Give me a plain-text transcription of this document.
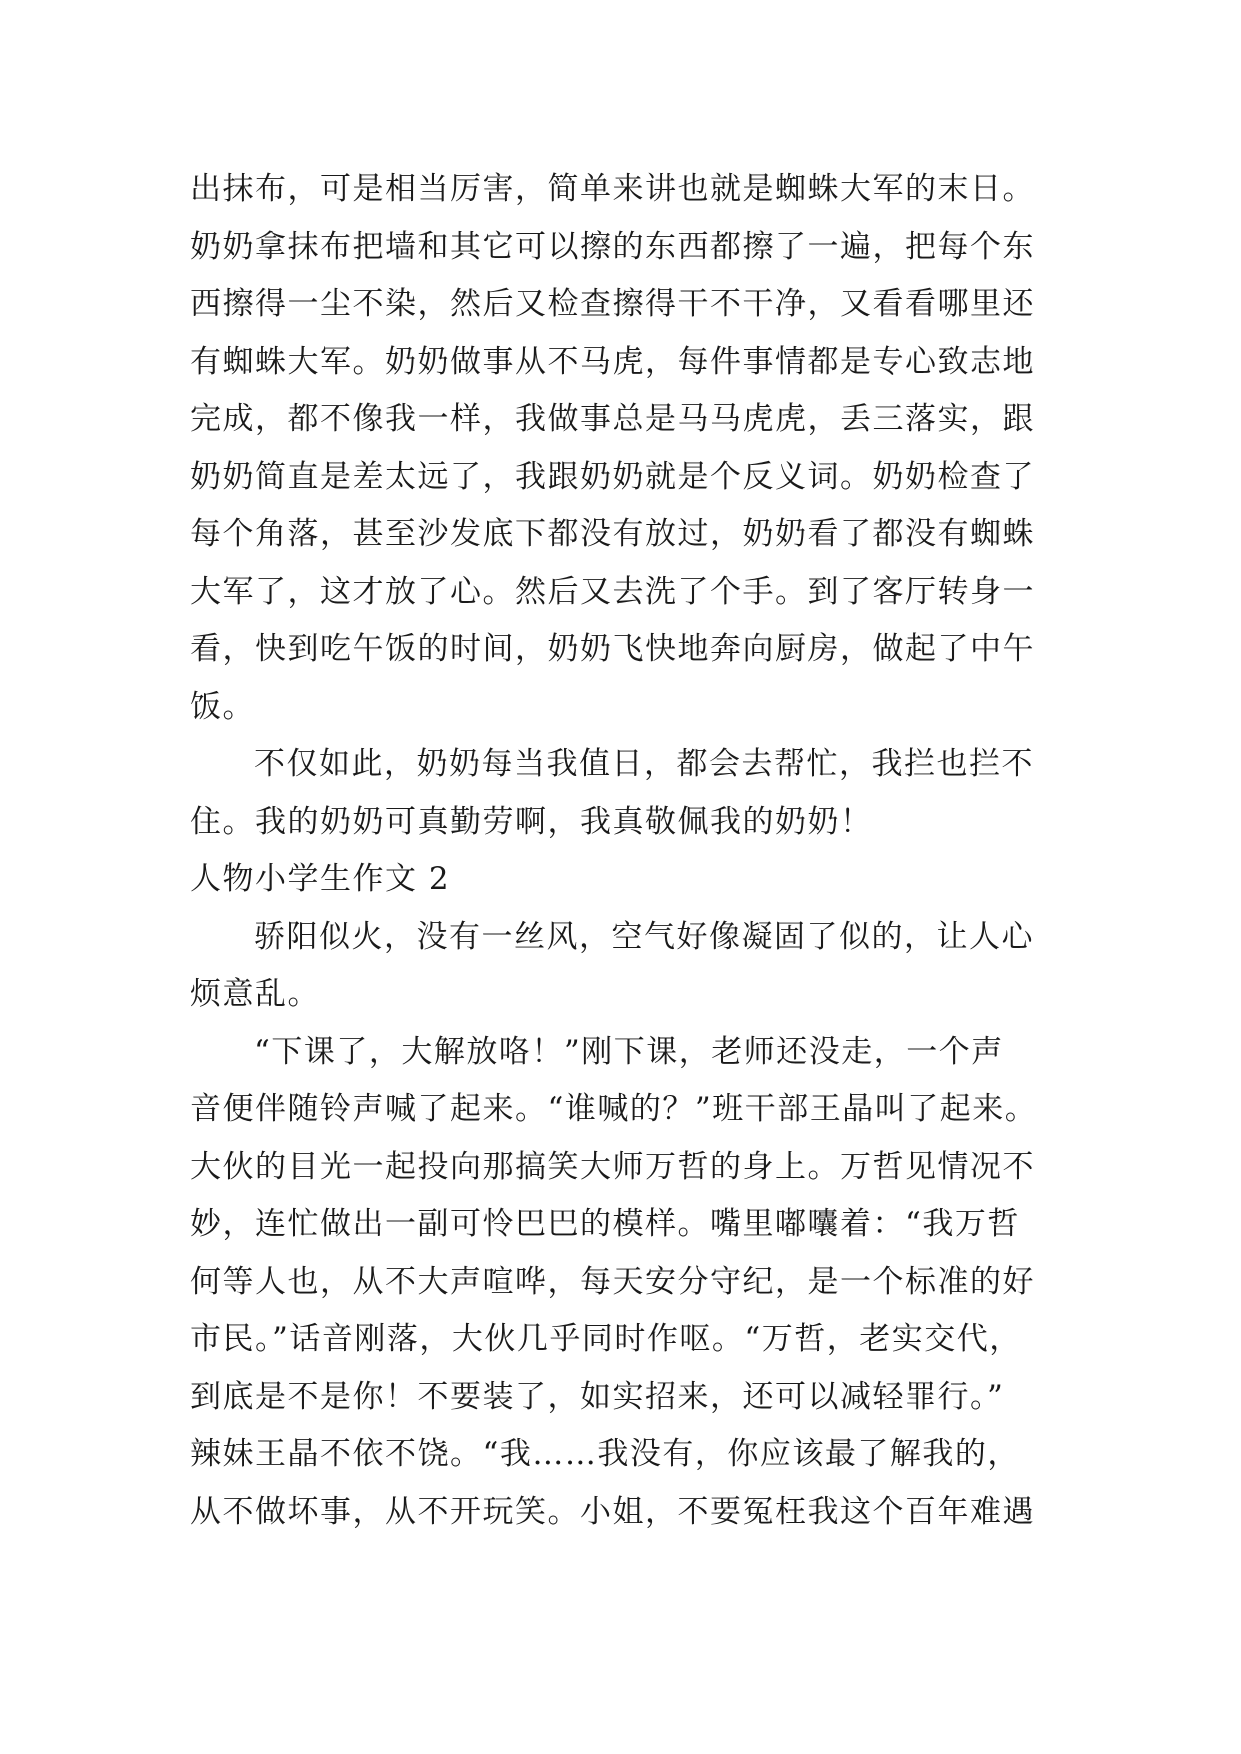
出抹布，可是相当厉害，简单来讲也就是蜘蛛大军的末日。
奶奶拿抹布把墙和其它可以擦的东西都擦了一遍，把每个东
西擦得一尘不染，然后又检查擦得干不干净，又看看哪里还
有蜘蛛大军。奶奶做事从不马虎，每件事情都是专心致志地
完成，都不像我一样，我做事总是马马虎虎，丢三落实，跟
奶奶简直是差太远了，我跟奶奶就是个反义词。奶奶检查了
每个角落，甚至沙发底下都没有放过，奶奶看了都没有蜘蛛
大军了，这才放了心。然后又去洗了个手。到了客厅转身一
看，快到吃午饭的时间，奶奶飞快地奔向厨房，做起了中午
饭。
不仅如此，奶奶每当我值日，都会去帮忙，我拦也拦不
住。我的奶奶可真勤劳啊，我真敬佩我的奶奶！
人物小学生作文 2
骄阳似火，没有一丝风，空气好像凝固了似的，让人心
烦意乱。
“下课了，大解放咯！”刚下课，老师还没走，一个声
音便伴随铃声喊了起来。“谁喊的？”班干部王晶叫了起来。
大伙的目光一起投向那搞笑大师万哲的身上。万哲见情况不
妙，连忙做出一副可怜巴巴的模样。嘴里嘟囔着：“我万哲
何等人也，从不大声喧哗，每天安分守纪，是一个标准的好
市民。”话音刚落，大伙几乎同时作呕。“万哲，老实交代，
到底是不是你！不要装了，如实招来，还可以减轻罪行。”
辣妹王晶不依不饶。“我……我没有，你应该最了解我的，
从不做坏事，从不开玩笑。小姐，不要冤枉我这个百年难遇
